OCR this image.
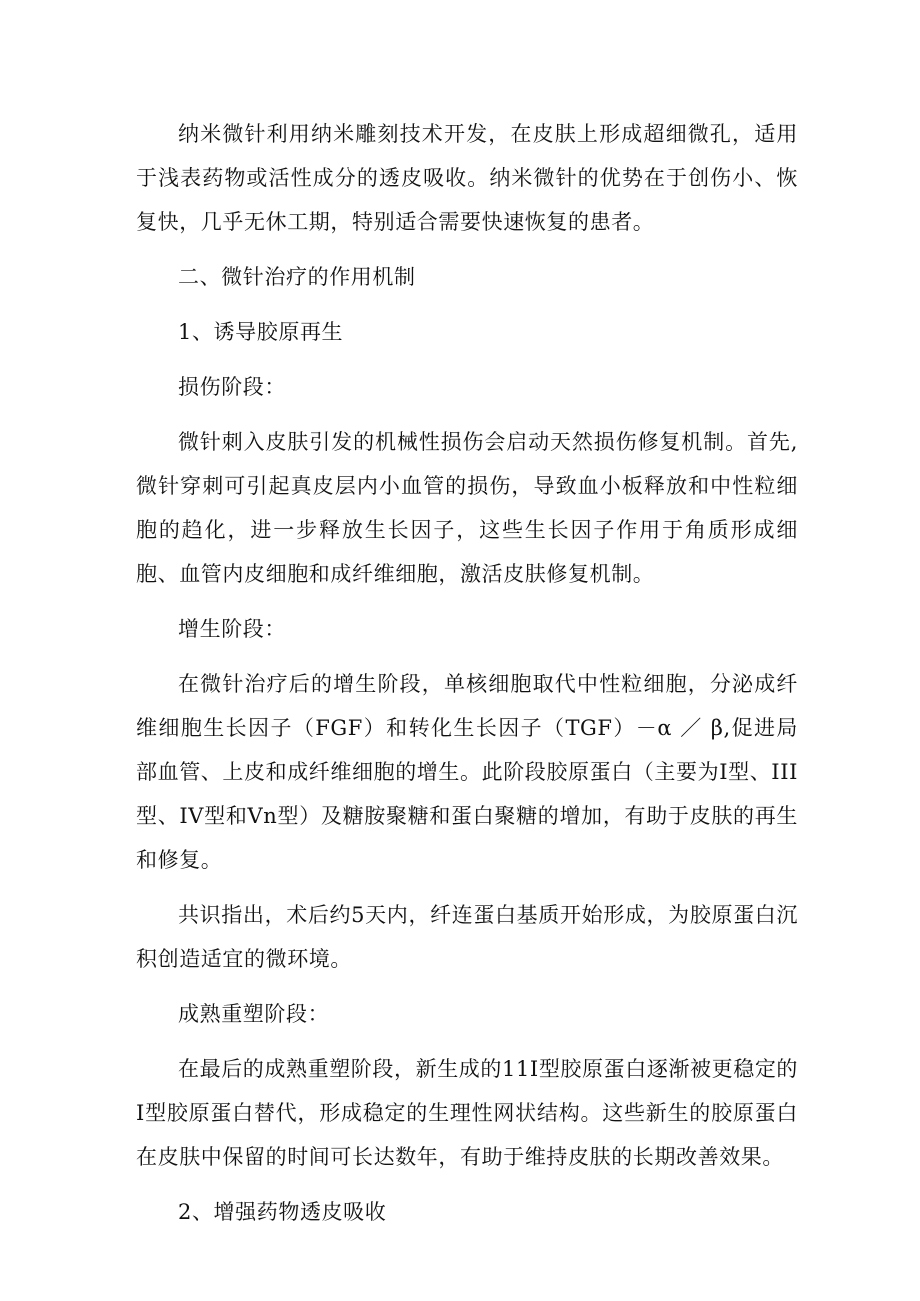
纳米微针利用纳米雕刻技术开发，在皮肤上形成超细微孔，适用于浅表药物或活性成分的透皮吸收。纳米微针的优势在于创伤小、恢复快，几乎无休工期，特别适合需要快速恢复的患者。

二、微针治疗的作用机制

1、诱导胶原再生

损伤阶段：

微针刺入皮肤引发的机械性损伤会启动天然损伤修复机制。首先,微针穿刺可引起真皮层内小血管的损伤，导致血小板释放和中性粒细胞的趋化，进一步释放生长因子，这些生长因子作用于角质形成细胞、血管内皮细胞和成纤维细胞，激活皮肤修复机制。

增生阶段：

在微针治疗后的增生阶段，单核细胞取代中性粒细胞，分泌成纤维细胞生长因子（FGF）和转化生长因子（TGF）－α ／ β,促进局部血管、上皮和成纤维细胞的增生。此阶段胶原蛋白（主要为I型、III型、IV型和Vn型）及糖胺聚糖和蛋白聚糖的增加，有助于皮肤的再生和修复。

共识指出，术后约5天内，纤连蛋白基质开始形成，为胶原蛋白沉积创造适宜的微环境。

成熟重塑阶段：

在最后的成熟重塑阶段，新生成的11I型胶原蛋白逐渐被更稳定的I型胶原蛋白替代，形成稳定的生理性网状结构。这些新生的胶原蛋白在皮肤中保留的时间可长达数年，有助于维持皮肤的长期改善效果。

2、增强药物透皮吸收
